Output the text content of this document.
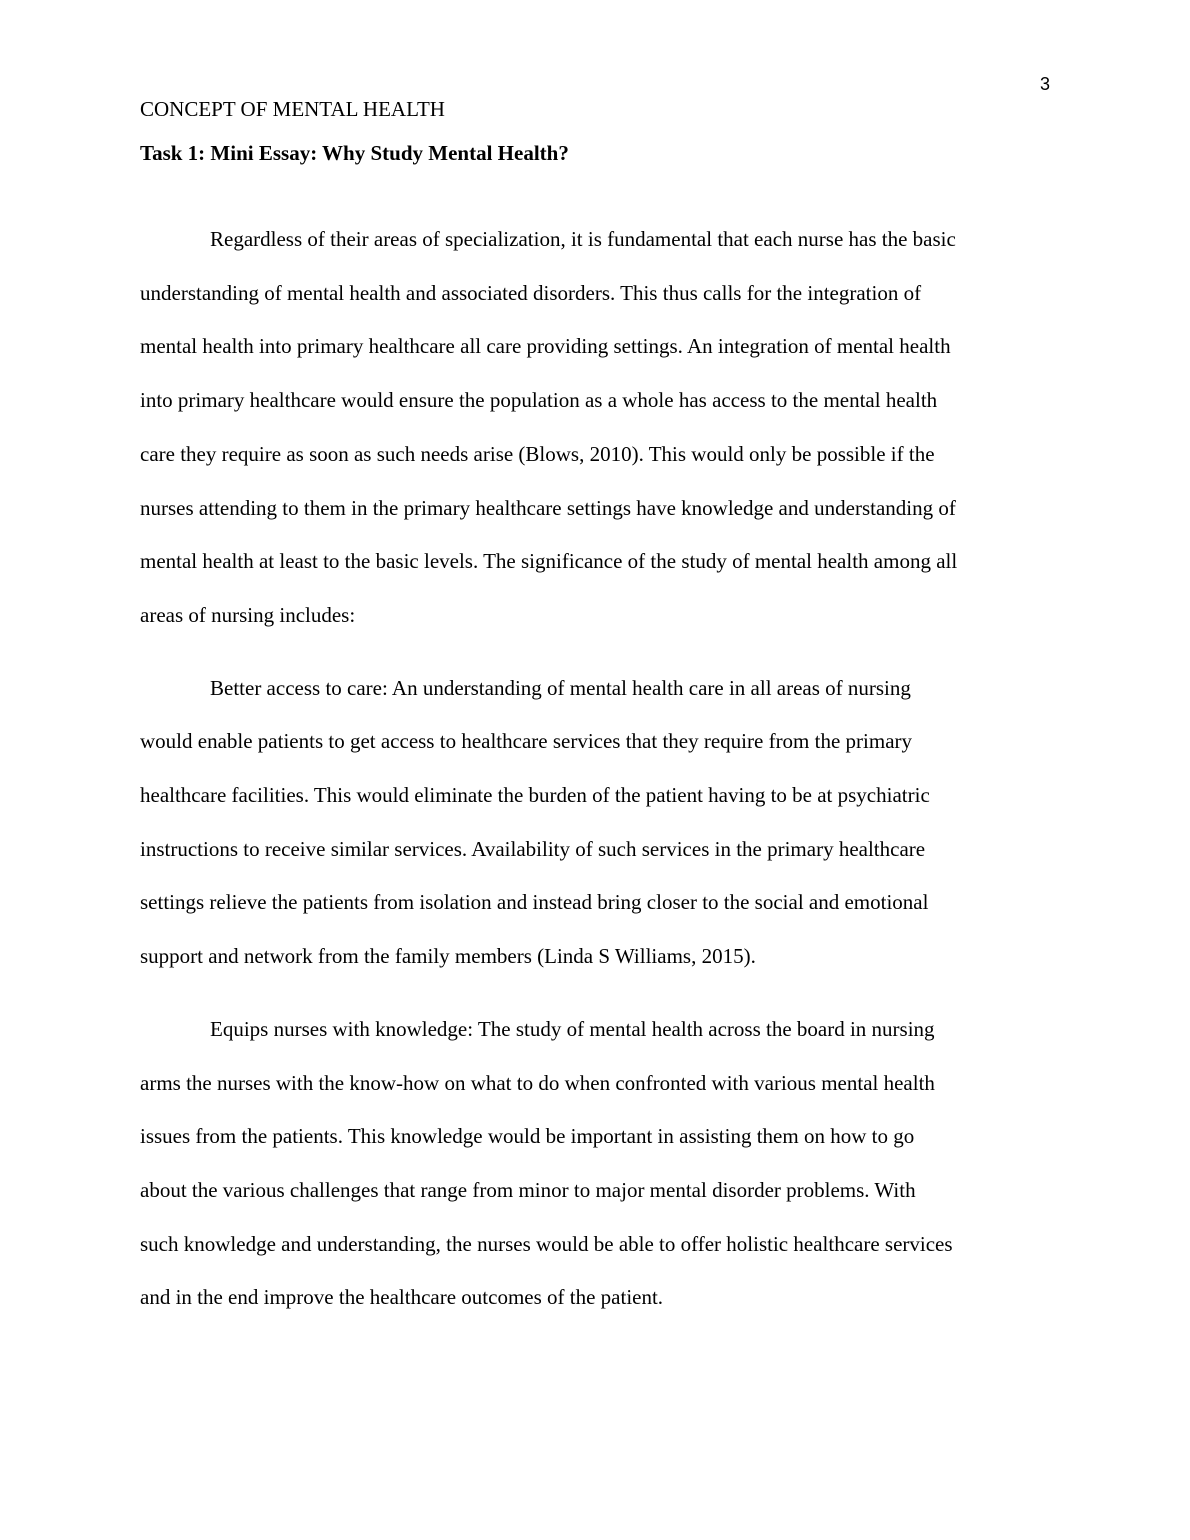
3

CONCEPT OF MENTAL HEALTH

Task 1: Mini Essay: Why Study Mental Health?

Regardless of their areas of specialization, it is fundamental that each nurse has the basic
understanding of mental health and associated disorders. This thus calls for the integration of
mental health into primary healthcare all care providing settings. An integration of mental health
into primary healthcare would ensure the population as a whole has access to the mental health
care they require as soon as such needs arise (Blows, 2010). This would only be possible if the
nurses attending to them in the primary healthcare settings have knowledge and understanding of
mental health at least to the basic levels. The significance of the study of mental health among all
areas of nursing includes:

Better access to care: An understanding of mental health care in all areas of nursing
would enable patients to get access to healthcare services that they require from the primary
healthcare facilities. This would eliminate the burden of the patient having to be at psychiatric
instructions to receive similar services. Availability of such services in the primary healthcare
settings relieve the patients from isolation and instead bring closer to the social and emotional
support and network from the family members (Linda S Williams, 2015).

Equips nurses with knowledge: The study of mental health across the board in nursing
arms the nurses with the know-how on what to do when confronted with various mental health
issues from the patients. This knowledge would be important in assisting them on how to go
about the various challenges that range from minor to major mental disorder problems. With
such knowledge and understanding, the nurses would be able to offer holistic healthcare services
and in the end improve the healthcare outcomes of the patient.
